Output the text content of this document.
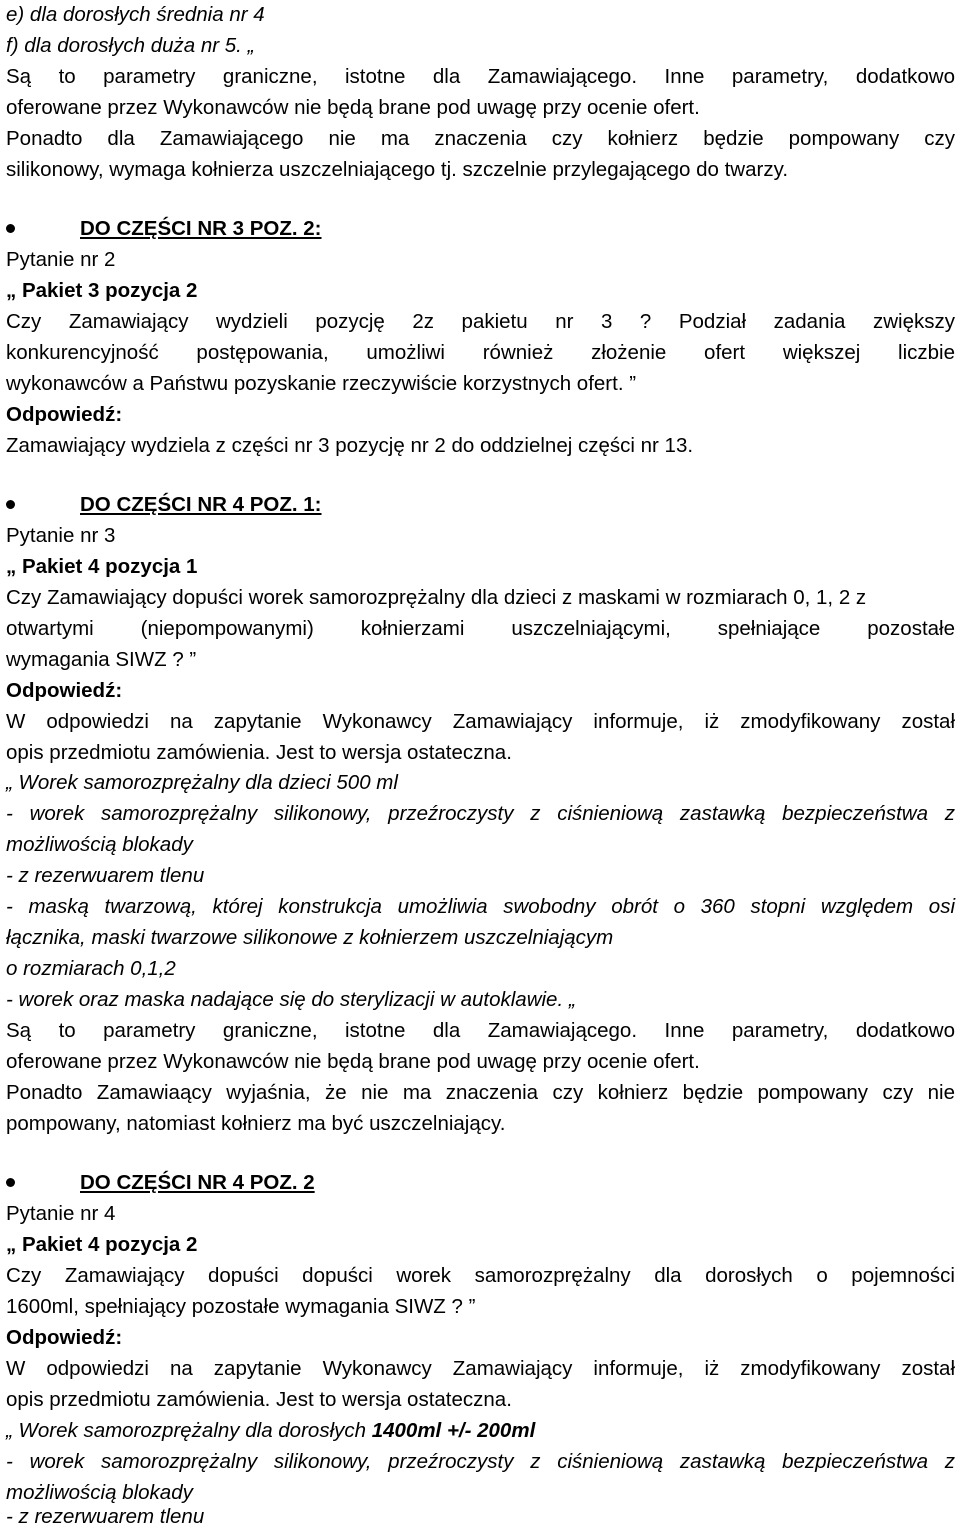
e) dla dorosłych średnia nr 4
f) dla dorosłych duża nr 5. „
Są to parametry graniczne, istotne dla Zamawiającego. Inne parametry, dodatkowo
oferowane przez Wykonawców nie będą brane pod uwagę przy ocenie ofert.
Ponadto dla Zamawiającego nie ma znaczenia czy kołnierz będzie pompowany czy
silikonowy, wymaga kołnierza uszczelniającego tj. szczelnie przylegającego do twarzy.
DO CZĘŚCI NR 3 POZ. 2:
Pytanie nr 2
„ Pakiet 3 pozycja 2
Czy Zamawiający wydzieli pozycję 2z pakietu nr 3 ? Podział zadania zwiększy
konkurencyjność postępowania, umożliwi również złożenie ofert większej liczbie
wykonawców a Państwu pozyskanie rzeczywiście korzystnych ofert. ”
Odpowiedź:
Zamawiający wydziela z części nr 3 pozycję nr 2 do oddzielnej części nr 13.
DO CZĘŚCI NR 4 POZ. 1:
Pytanie nr 3
„ Pakiet 4 pozycja 1
Czy Zamawiający dopuści worek samorozprężalny dla dzieci z maskami w rozmiarach 0, 1, 2 z
otwartymi (niepompowanymi) kołnierzami uszczelniającymi, spełniające pozostałe
wymagania SIWZ ? ”
Odpowiedź:
W odpowiedzi na zapytanie Wykonawcy Zamawiający informuje, iż zmodyfikowany został
opis przedmiotu zamówienia. Jest to wersja ostateczna.
„ Worek samorozprężalny dla dzieci 500 ml
- worek samorozprężalny silikonowy, przeźroczysty z ciśnieniową zastawką bezpieczeństwa z
możliwością blokady
- z rezerwuarem tlenu
- maską twarzową, której konstrukcja umożliwia swobodny obrót o 360 stopni względem osi
łącznika, maski twarzowe silikonowe z kołnierzem uszczelniającym
o rozmiarach 0,1,2
- worek oraz maska nadające się do sterylizacji w autoklawie. „
Są to parametry graniczne, istotne dla Zamawiającego. Inne parametry, dodatkowo
oferowane przez Wykonawców nie będą brane pod uwagę przy ocenie ofert.
Ponadto Zamawiaący wyjaśnia, że nie ma znaczenia czy kołnierz będzie pompowany czy nie
pompowany, natomiast kołnierz ma być uszczelniający.
DO CZĘŚCI NR 4 POZ. 2
Pytanie nr 4
„ Pakiet 4 pozycja 2
Czy Zamawiający dopuści dopuści worek samorozprężalny dla dorosłych o pojemności
1600ml, spełniający pozostałe wymagania SIWZ ? ”
Odpowiedź:
W odpowiedzi na zapytanie Wykonawcy Zamawiający informuje, iż zmodyfikowany został
opis przedmiotu zamówienia. Jest to wersja ostateczna.
„ Worek samorozprężalny dla dorosłych 1400ml +/- 200ml
- worek samorozprężalny silikonowy, przeźroczysty z ciśnieniową zastawką bezpieczeństwa z
możliwością blokady
- z rezerwuarem tlenu
